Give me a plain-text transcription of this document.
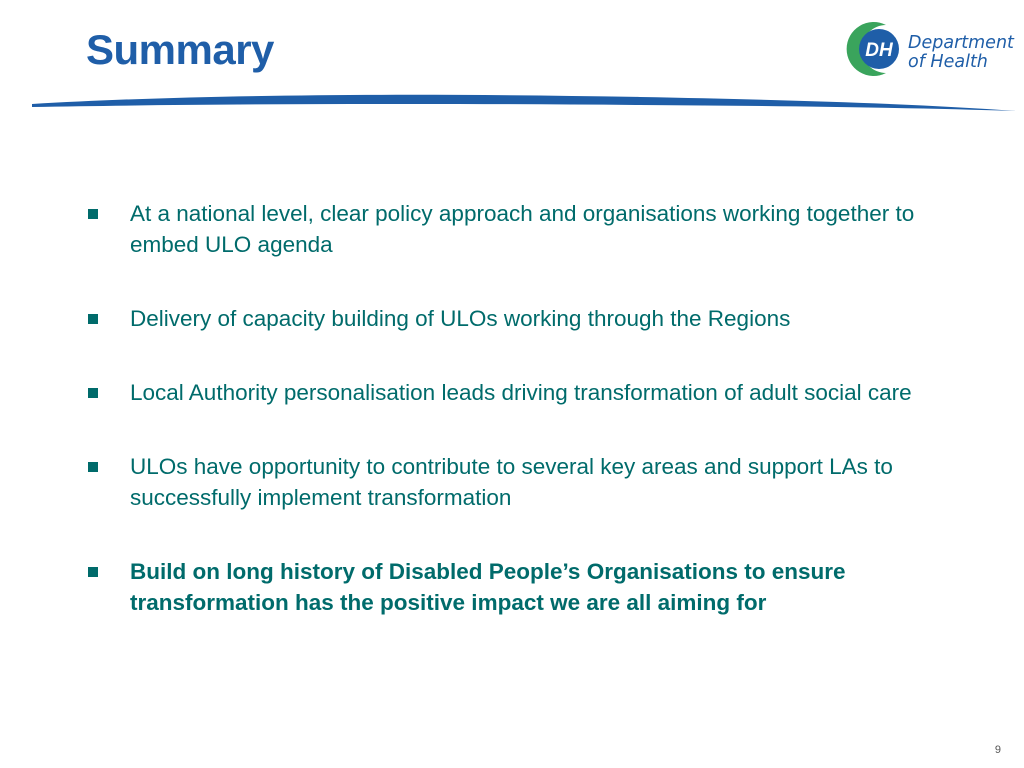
Summary	DH Department
of Health
At a national level, clear policy approach and organisations working together to embed ULO agenda
Delivery of capacity building of ULOs working through the Regions
Local Authority personalisation leads driving transformation of adult social care
ULOs have opportunity to contribute to several key areas and support LAs to successfully implement transformation
Build on long history of Disabled People’s Organisations to ensure transformation has the positive impact we are all aiming for
9
